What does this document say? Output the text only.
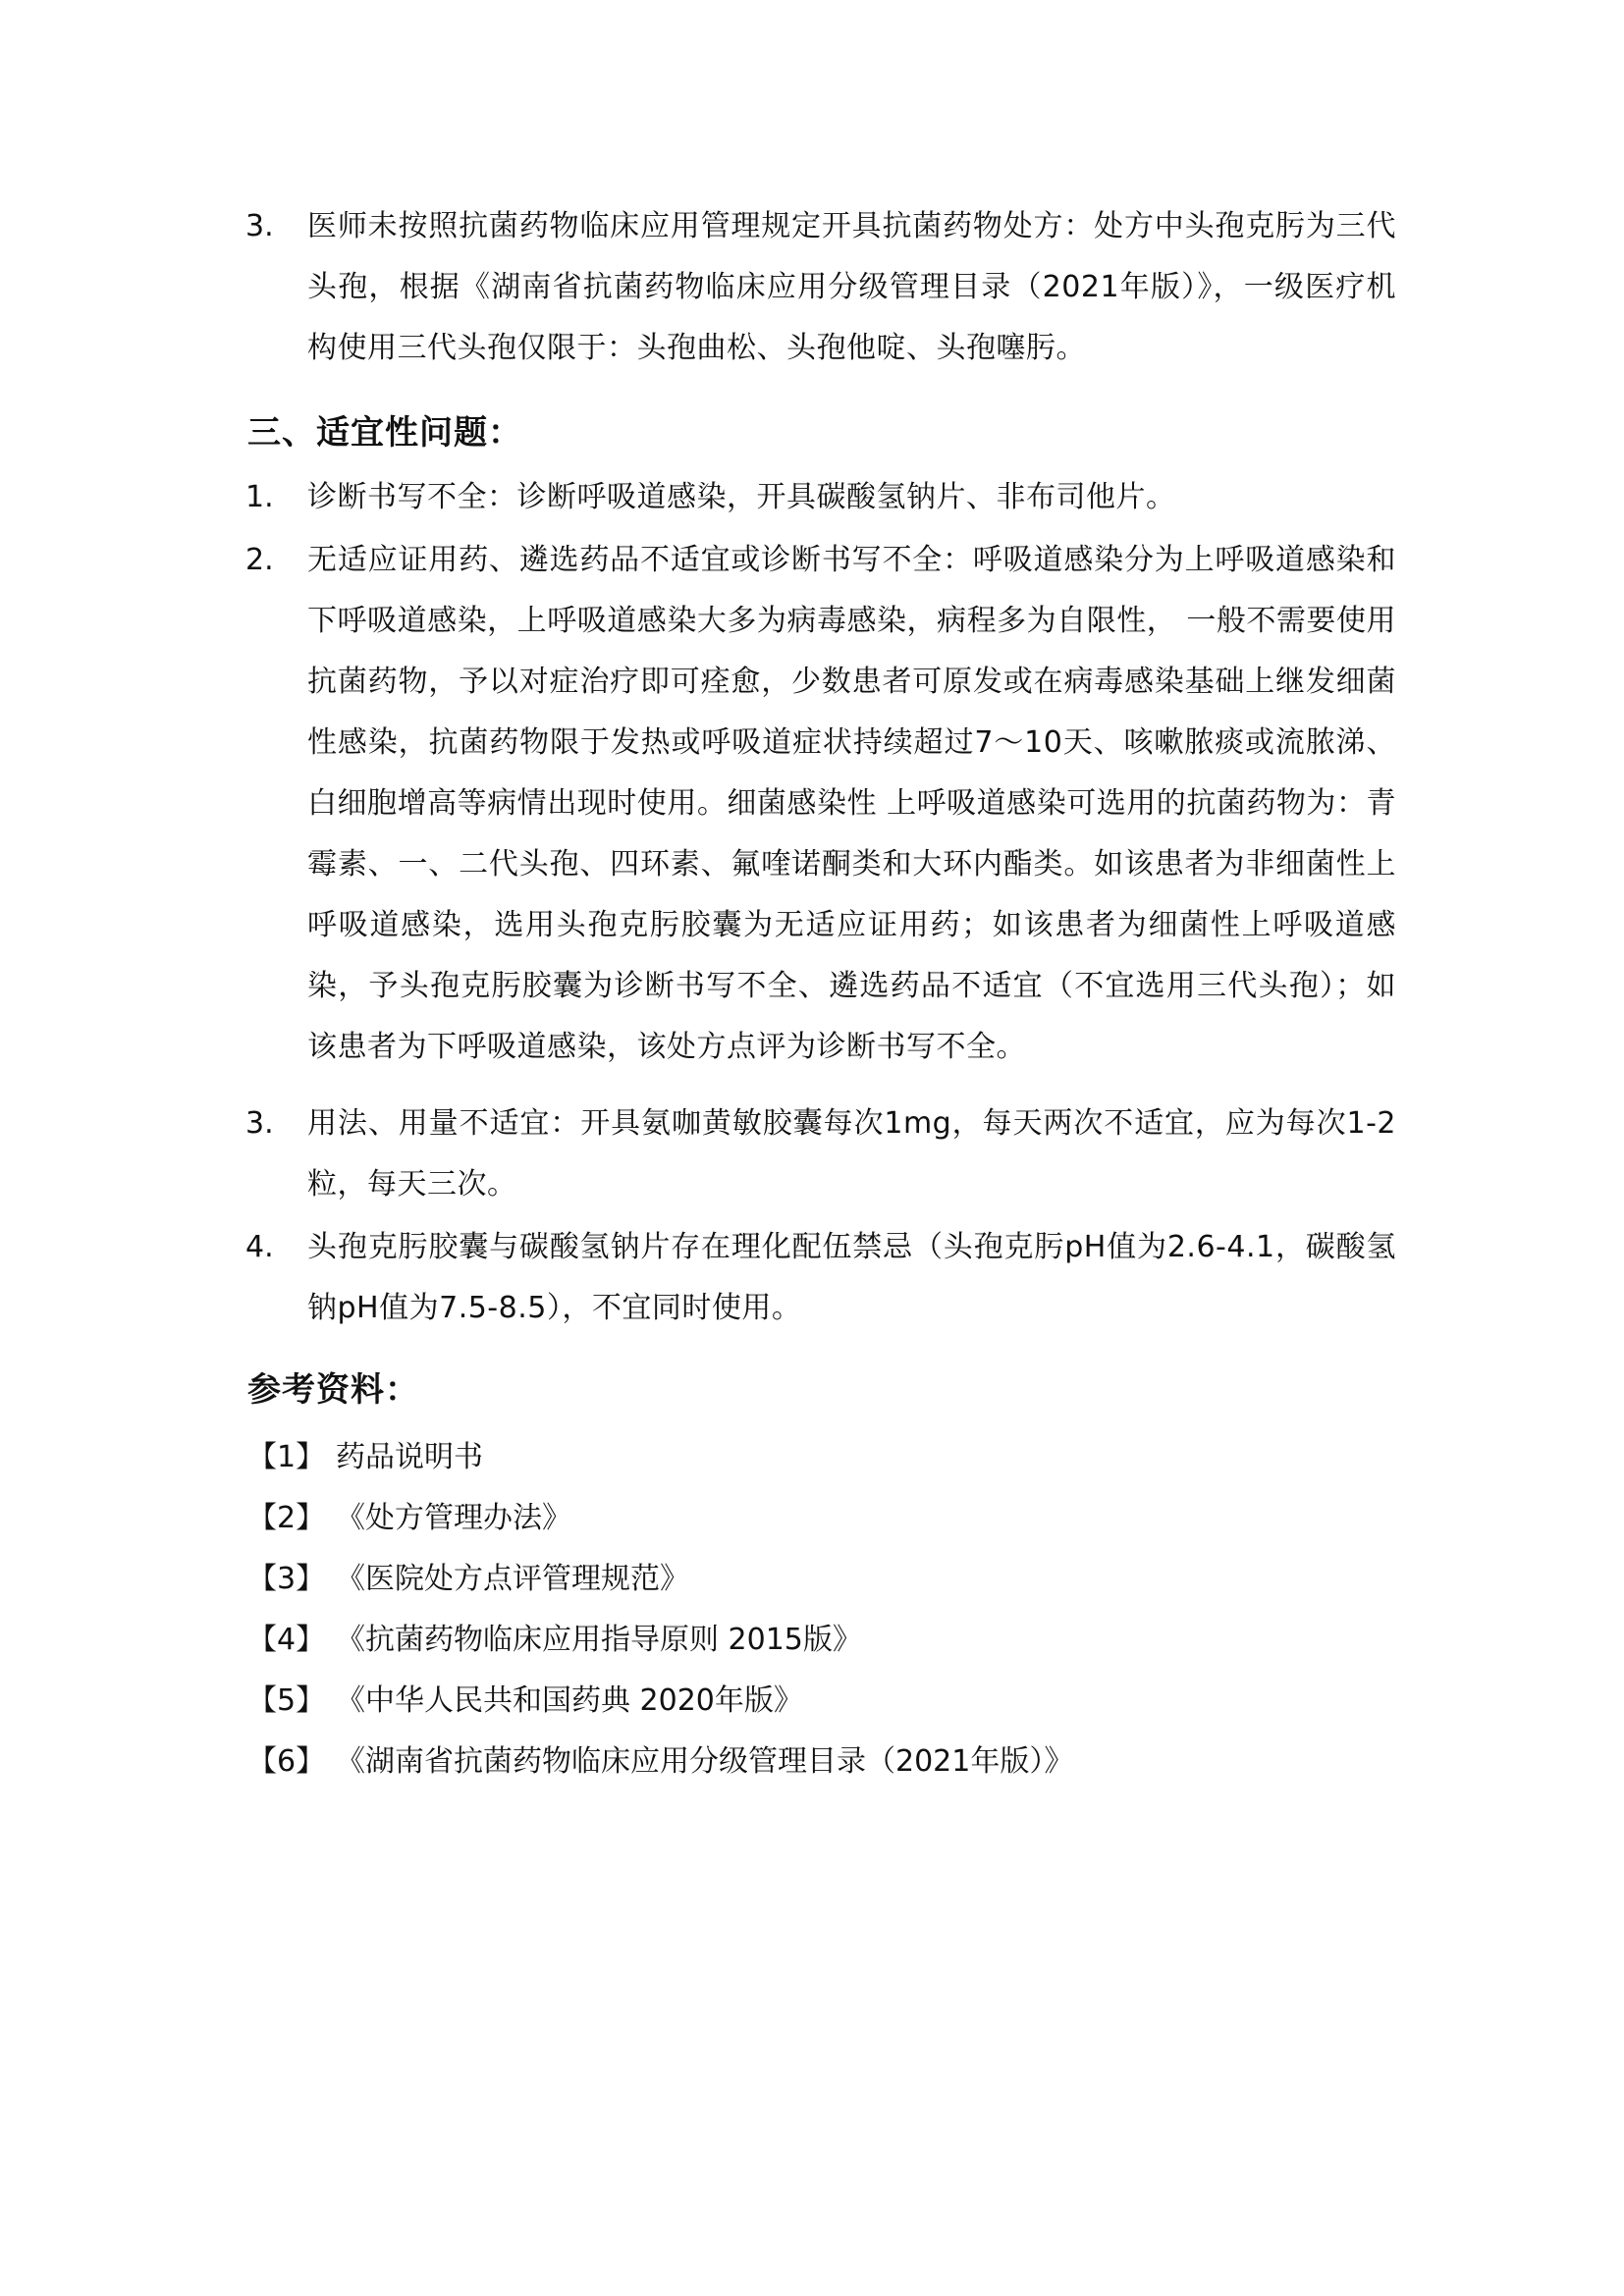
3. 医师未按照抗菌药物临床应用管理规定开具抗菌药物处方：处方中头孢克肟为三代头孢，根据《湖南省抗菌药物临床应用分级管理目录（2021年版）》，一级医疗机构使用三代头孢仅限于：头孢曲松、头孢他啶、头孢噻肟。
三、适宜性问题：
1. 诊断书写不全：诊断呼吸道感染，开具碳酸氢钠片、非布司他片。
2. 无适应证用药、遴选药品不适宜或诊断书写不全：呼吸道感染分为上呼吸道感染和下呼吸道感染，上呼吸道感染大多为病毒感染，病程多为自限性， 一般不需要使用抗菌药物，予以对症治疗即可痊愈，少数患者可原发或在病毒感染基础上继发细菌性感染，抗菌药物限于发热或呼吸道症状持续超过7～10天、咳嗽脓痰或流脓涕、白细胞增高等病情出现时使用。细菌感染性 上呼吸道感染可选用的抗菌药物为：青霉素、一、二代头孢、四环素、氟喹诺酮类和大环内酯类。如该患者为非细菌性上呼吸道感染，选用头孢克肟胶囊为无适应证用药；如该患者为细菌性上呼吸道感染，予头孢克肟胶囊为诊断书写不全、遴选药品不适宜（不宜选用三代头孢）；如该患者为下呼吸道感染，该处方点评为诊断书写不全。
3. 用法、用量不适宜：开具氨咖黄敏胶囊每次1mg，每天两次不适宜，应为每次1-2粒，每天三次。
4. 头孢克肟胶囊与碳酸氢钠片存在理化配伍禁忌（头孢克肟pH值为2.6-4.1，碳酸氢钠pH值为7.5-8.5），不宜同时使用。
参考资料：
【1】 药品说明书
【2】 《处方管理办法》
【3】 《医院处方点评管理规范》
【4】 《抗菌药物临床应用指导原则 2015版》
【5】 《中华人民共和国药典 2020年版》
【6】 《湖南省抗菌药物临床应用分级管理目录（2021年版）》
